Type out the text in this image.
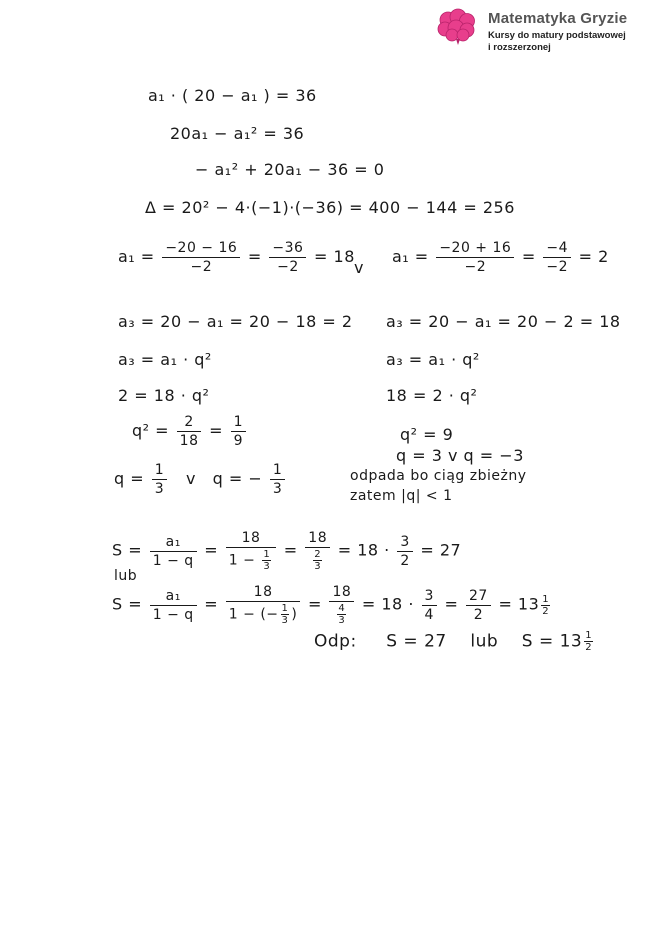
Matematyka Gryzie
Kursy do matury podstawowej
i rozszerzonej
a₁ · ( 20 − a₁ ) = 36
20a₁ − a₁² = 36
− a₁² + 20a₁ − 36 = 0
Δ = 20² − 4·(−1)·(−36) = 400 − 144 = 256
$a_1 = \frac{-20 - 16}{-2} = \frac{-36}{-2} = 18$
v
$a_1 = \frac{-20 + 16}{-2} = \frac{-4}{-2} = 2$
a₃ = 20 − a₁ = 20 − 18 = 2 a₃ = 20 − a₁ = 20 − 2 = 18
a₃ = a₁ · q²	a₃ = a₁ · q²
2 = 18 · q²	18 = 2 · q²
$q^2 = \frac{2}{18} = \frac{1}{9}$	q² = 9
q = 3 v q = −3
odpada bo ciąg zbieżny
zatem |q| < 1
$q = \frac{1}{3}$ v q = − $\frac{1}{3}$
$S = \frac{\text{a₁}}{1 - q} = \frac{18}{1 - \frac{1}{3}} = \frac{18}{\frac{2}{3}} = 18 \cdot \frac{3}{2} = 27$
lub
$S = \frac{\text{a₁}}{1 - q} = \frac{18}{1 - (- \frac{1}{3} )} = \frac{18}{\frac{4}{3}} = 18 \cdot \frac{3}{4} = \frac{27}{2} = 13 \frac{1}{2}$
Odp: S = 27 lub $S = 13 \frac{1}{2}$
